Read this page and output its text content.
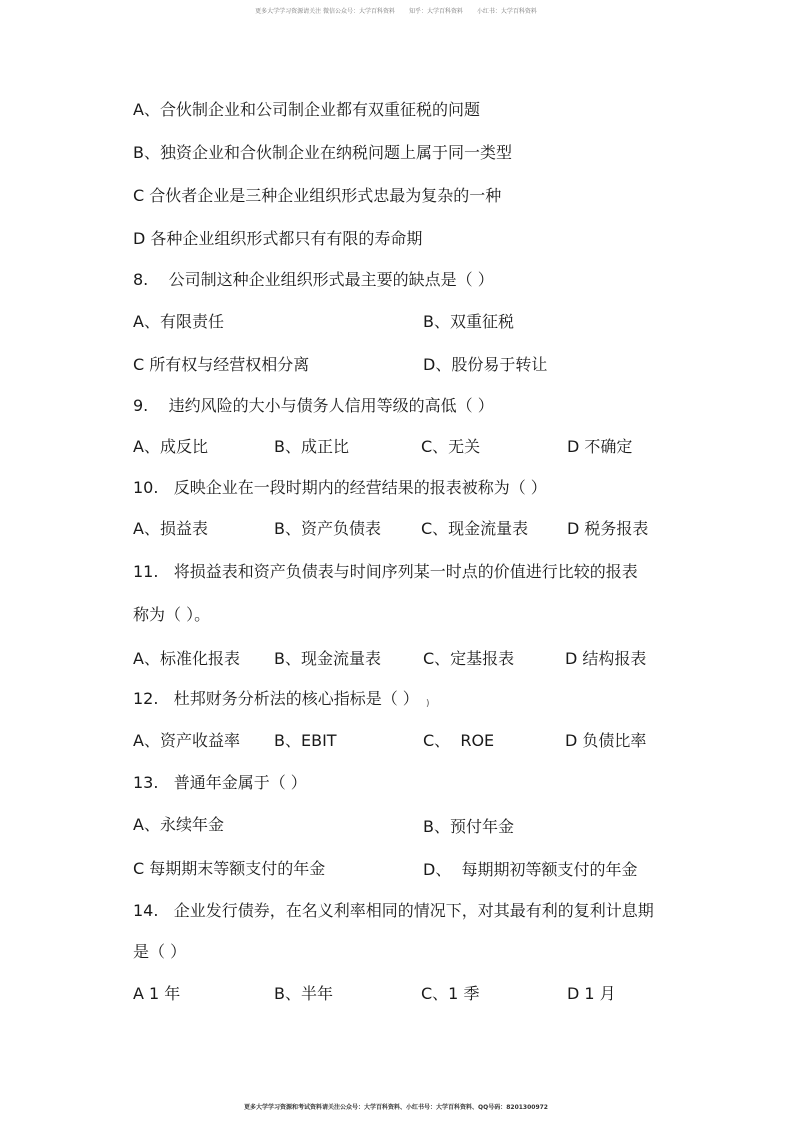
更多大学学习资源请关注 微信公众号：大学百科资料 知乎：大学百科资料 小红书：大学百科资料
A、合伙制企业和公司制企业都有双重征税的问题
B、独资企业和合伙制企业在纳税问题上属于同一类型
C 合伙者企业是三种企业组织形式忠最为复杂的一种
D 各种企业组织形式都只有有限的寿命期
8. 公司制这种企业组织形式最主要的缺点是（ ）
A、有限责任	B、双重征税
C 所有权与经营权相分离	D、股份易于转让
9. 违约风险的大小与债务人信用等级的高低（ ）
A、成反比	B、成正比	C、无关	D 不确定
10. 反映企业在一段时期内的经营结果的报表被称为（ ）
A、损益表	B、资产负债表	C、现金流量表 D 税务报表
11. 将损益表和资产负债表与时间序列某一时点的价值进行比较的报表
称为（ ）。
A、标准化报表 B、现金流量表	C、定基报表	D 结构报表
12. 杜邦财务分析法的核心指标是（ ） )
A、资产收益率 B、EBIT	C、  ROE	D 负债比率
13. 普通年金属于（ ）
A、永续年金	B、预付年金
C 每期期末等额支付的年金	D、  每期期初等额支付的年金
14. 企业发行债券，在名义利率相同的情况下，对其最有利的复利计息期
是（ ）
A 1 年	B、半年	C、1 季	D 1 月
更多大学学习资源和考试资料请关注公众号：大学百科资料、小红书号：大学百科资料、QQ号码：8201300972
